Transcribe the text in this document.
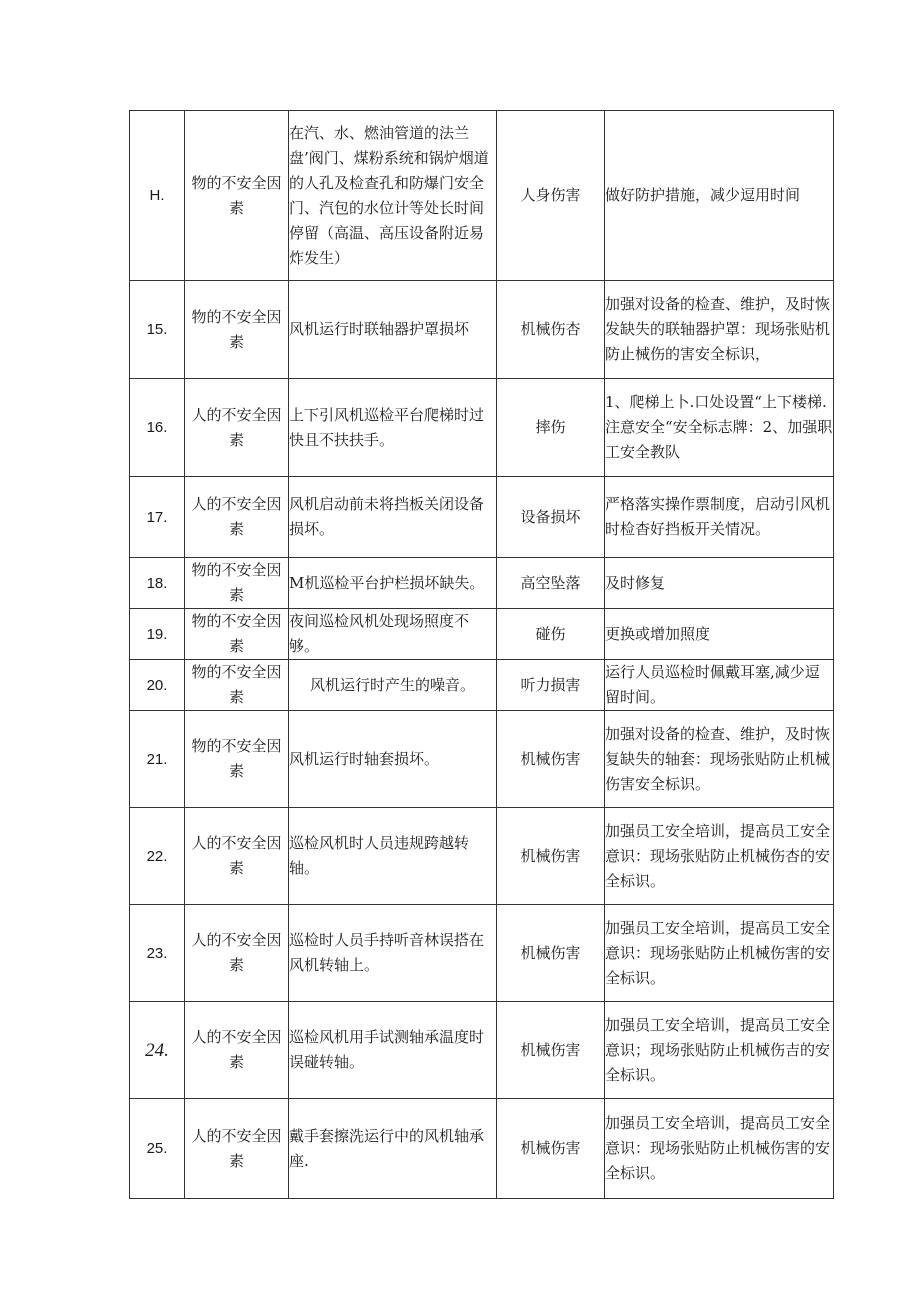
H.	物的不安全因素	在汽、水、燃油管道的法兰盘’阀门、煤粉系统和锅炉烟道的人孔及检查孔和防爆门安全门、汽包的水位计等处长时间停留（高温、高压设备附近易炸发生）	人身伤害	做好防护措施，减少逗用时间
15.	物的不安全因素	风机运行时联轴器护罩损坏	机械伤杏	加强对设备的检查、维护，及时恢发缺失的联轴器护罩：现场张贴机防止械伤的害安全标识，
16.	人的不安全因素	上下引风机巡检平台爬梯时过快且不扶扶手。	摔伤	1、爬梯上卜.口处设置“上下楼梯.注意安全“安全标志牌：2、加强职工安全教队
17.	人的不安全因素	风机启动前未将挡板关闭设备损坏。	设备损坏	严格落实操作票制度，启动引风机时检杳好挡板开关情况。
18.	物的不安全因素	M机巡检平台护栏损坏缺失。	高空坠落	及时修复
19.	物的不安全因素	夜间巡检风机处现场照度不够。	碰伤	更换或增加照度
20.	物的不安全因素	风机运行时产生的噪音。	听力损害	运行人员巡检时佩戴耳塞,减少逗留时间。
21.	物的不安全因素	风机运行时轴套损坏。	机械伤害	加强对设备的检查、维护，及时恢复缺失的轴套：现场张贴防止机械伤害安全标识。
22.	人的不安全因素	巡检风机时人员违规跨越转轴。	机械伤害	加强员工安全培训，提高员工安全意识：现场张贴防止机械伤杏的安全标识。
23.	人的不安全因素	巡检时人员手持听音林误搭在风机转轴上。	机械伤害	加强员工安全培训，提高员工安全意识：现场张贴防止机械伤害的安全标识。
24.	人的不安全因素	巡检风机用手试测轴承温度时误碰转轴。	机械伤害	加强员工安全培训，提高员工安全意识；现场张贴防止机械伤吉的安全标识。
25.	人的不安全因素	戴手套擦洗运行中的风机轴承座.	机械伤害	加强员工安全培训，提高员工安全意识：现场张贴防止机械伤害的安全标识。
